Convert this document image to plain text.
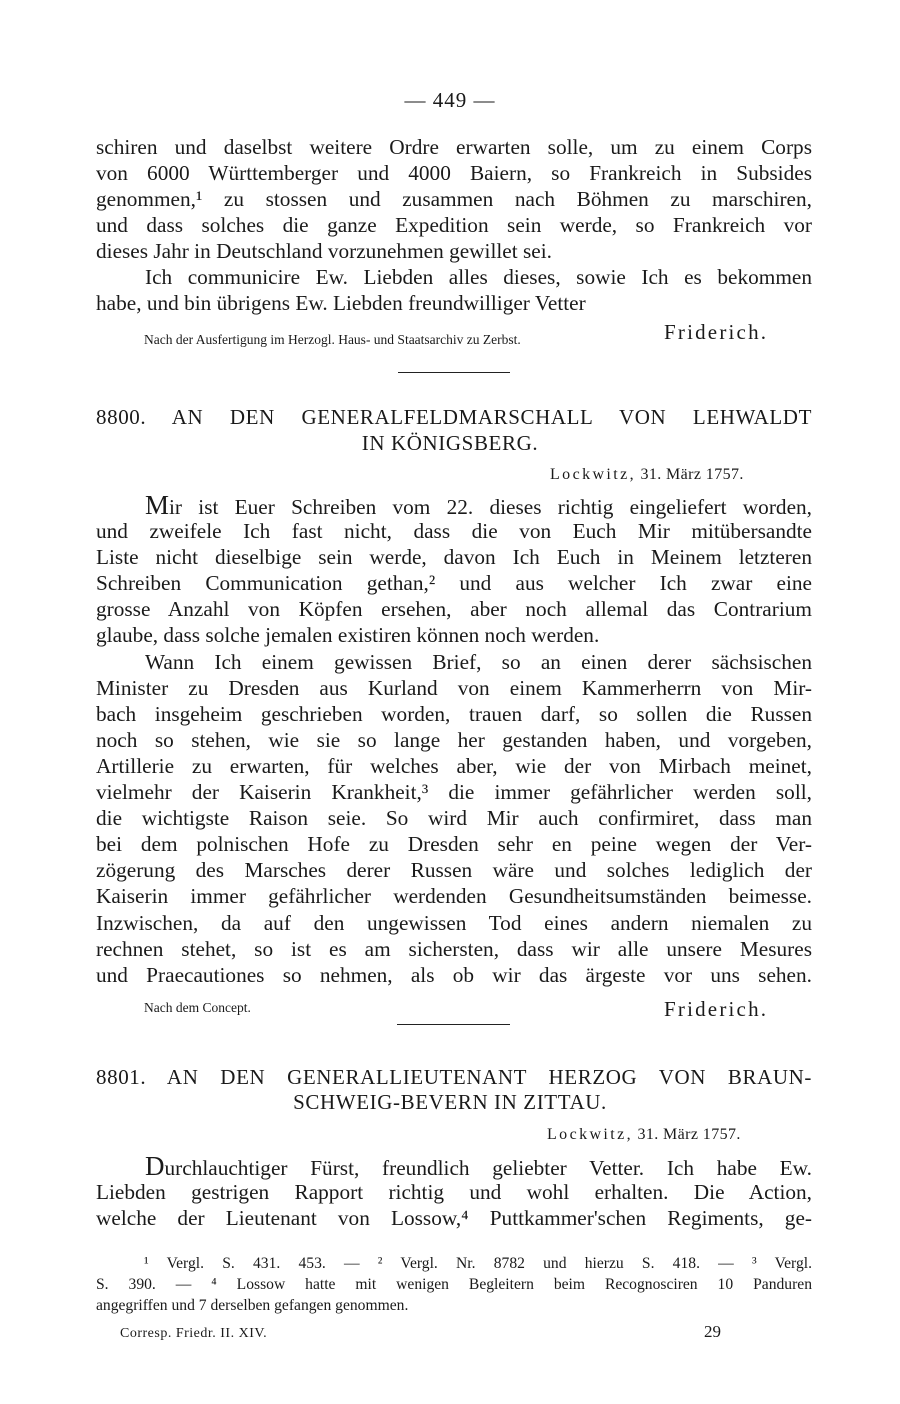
— 449 —
schiren und daselbst weitere Ordre erwarten solle, um zu einem Corps
von 6000 Württemberger und 4000 Baiern, so Frankreich in Subsides
genommen,¹ zu stossen und zusammen nach Böhmen zu marschiren,
und dass solches die ganze Expedition sein werde, so Frankreich vor
dieses Jahr in Deutschland vorzunehmen gewillet sei.
Ich communicire Ew. Liebden alles dieses, sowie Ich es bekommen
habe, und bin übrigens Ew. Liebden freundwilliger Vetter
Nach der Ausfertigung im Herzogl. Haus- und Staatsarchiv zu Zerbst.	Friderich.
8800. AN DEN GENERALFELDMARSCHALL VON LEHWALDT
IN KÖNIGSBERG.
Lockwitz, 31. März 1757.
Mir ist Euer Schreiben vom 22. dieses richtig eingeliefert worden,
und zweifele Ich fast nicht, dass die von Euch Mir mitübersandte
Liste nicht dieselbige sein werde, davon Ich Euch in Meinem letzteren
Schreiben Communication gethan,² und aus welcher Ich zwar eine
grosse Anzahl von Köpfen ersehen, aber noch allemal das Contrarium
glaube, dass solche jemalen existiren können noch werden.
Wann Ich einem gewissen Brief, so an einen derer sächsischen
Minister zu Dresden aus Kurland von einem Kammerherrn von Mir-
bach insgeheim geschrieben worden, trauen darf, so sollen die Russen
noch so stehen, wie sie so lange her gestanden haben, und vorgeben,
Artillerie zu erwarten, für welches aber, wie der von Mirbach meinet,
vielmehr der Kaiserin Krankheit,³ die immer gefährlicher werden soll,
die wichtigste Raison seie. So wird Mir auch confirmiret, dass man
bei dem polnischen Hofe zu Dresden sehr en peine wegen der Ver-
zögerung des Marsches derer Russen wäre und solches lediglich der
Kaiserin immer gefährlicher werdenden Gesundheitsumständen beimesse.
Inzwischen, da auf den ungewissen Tod eines andern niemalen zu
rechnen stehet, so ist es am sichersten, dass wir alle unsere Mesures
und Praecautiones so nehmen, als ob wir das ärgeste vor uns sehen.
Nach dem Concept.	Friderich.
8801. AN DEN GENERALLIEUTENANT HERZOG VON BRAUN-
SCHWEIG-BEVERN IN ZITTAU.
Lockwitz, 31. März 1757.
Durchlauchtiger Fürst, freundlich geliebter Vetter. Ich habe Ew.
Liebden gestrigen Rapport richtig und wohl erhalten. Die Action,
welche der Lieutenant von Lossow,⁴ Puttkammer'schen Regiments, ge-
¹ Vergl. S. 431. 453. — ² Vergl. Nr. 8782 und hierzu S. 418. — ³ Vergl.
S. 390. — ⁴ Lossow hatte mit wenigen Begleitern beim Recognosciren 10 Panduren
angegriffen und 7 derselben gefangen genommen.
Corresp. Friedr. II. XIV.	29
